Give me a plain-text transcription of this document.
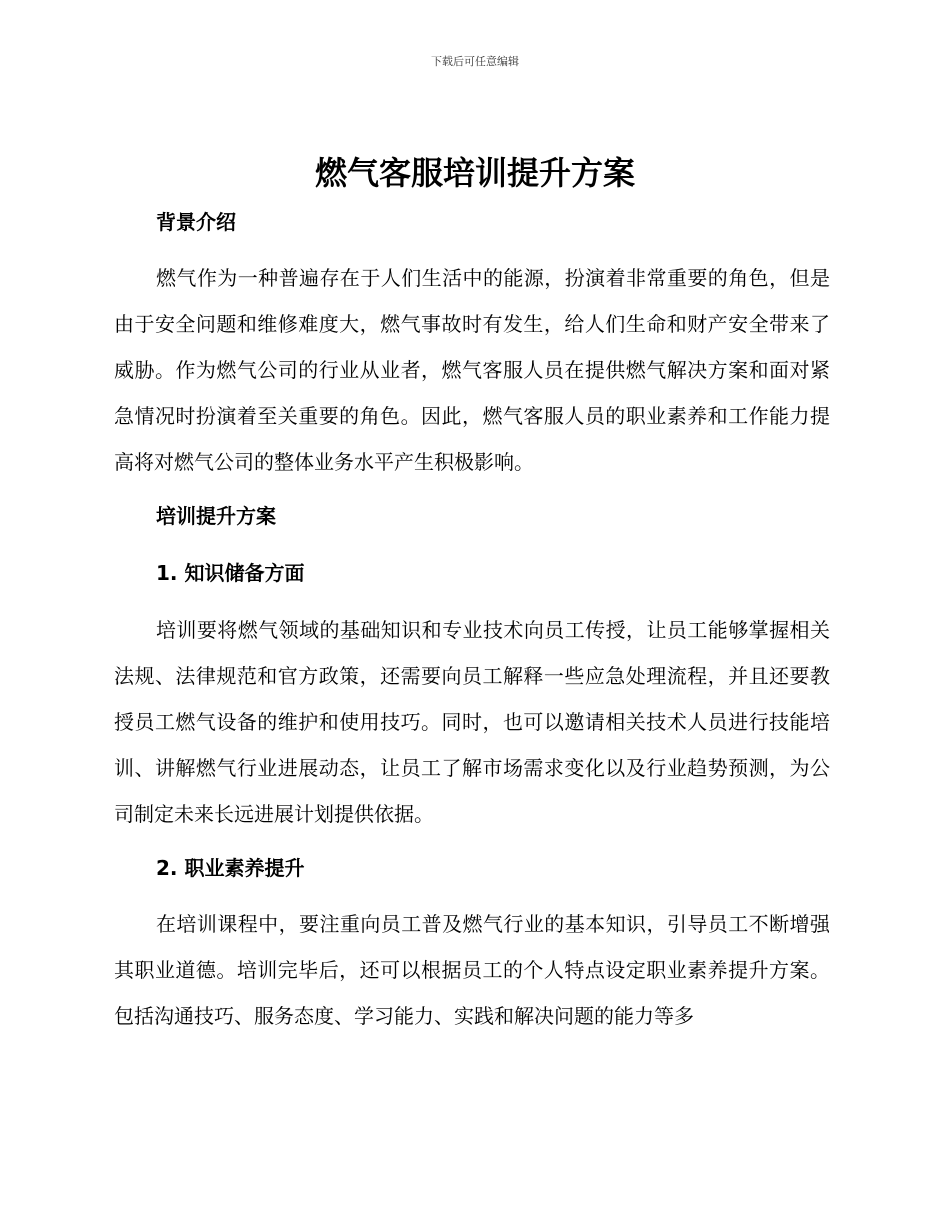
下载后可任意编辑
燃气客服培训提升方案
背景介绍

燃气作为一种普遍存在于人们生活中的能源，扮演着非常重要的角色，但是由于安全问题和维修难度大，燃气事故时有发生，给人们生命和财产安全带来了威胁。作为燃气公司的行业从业者，燃气客服人员在提供燃气解决方案和面对紧急情况时扮演着至关重要的角色。因此，燃气客服人员的职业素养和工作能力提高将对燃气公司的整体业务水平产生积极影响。

培训提升方案
1. 知识储备方面

培训要将燃气领域的基础知识和专业技术向员工传授，让员工能够掌握相关法规、法律规范和官方政策，还需要向员工解释一些应急处理流程，并且还要教授员工燃气设备的维护和使用技巧。同时，也可以邀请相关技术人员进行技能培训、讲解燃气行业进展动态，让员工了解市场需求变化以及行业趋势预测，为公司制定未来长远进展计划提供依据。

2. 职业素养提升

在培训课程中，要注重向员工普及燃气行业的基本知识，引导员工不断增强其职业道德。培训完毕后，还可以根据员工的个人特点设定职业素养提升方案。包括沟通技巧、服务态度、学习能力、实践和解决问题的能力等多
